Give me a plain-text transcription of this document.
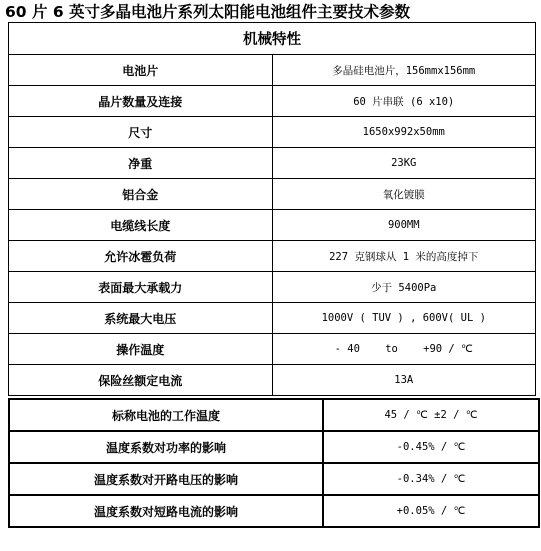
60 片 6 英寸多晶电池片系列太阳能电池组件主要技术参数
机械特性	
电池片	多晶硅电池片，156mmx156mm
晶片数量及连接	60 片串联 (6 x10)
尺寸	1650x992x50mm
净重	23KG
铝合金	氧化镀膜
电缆线长度	900MM
允许冰雹负荷	227 克钢球从 1 米的高度掉下
表面最大承载力	少于 5400Pa
系统最大电压	1000V ( TUV ) , 600V( UL )
操作温度	- 40    to    +90 / ℃
保险丝额定电流	13A
标称电池的工作温度	45 / ℃ ±2 / ℃
温度系数对功率的影响	-0.45% / ℃
温度系数对开路电压的影响	-0.34% / ℃
温度系数对短路电流的影响	+0.05% / ℃
